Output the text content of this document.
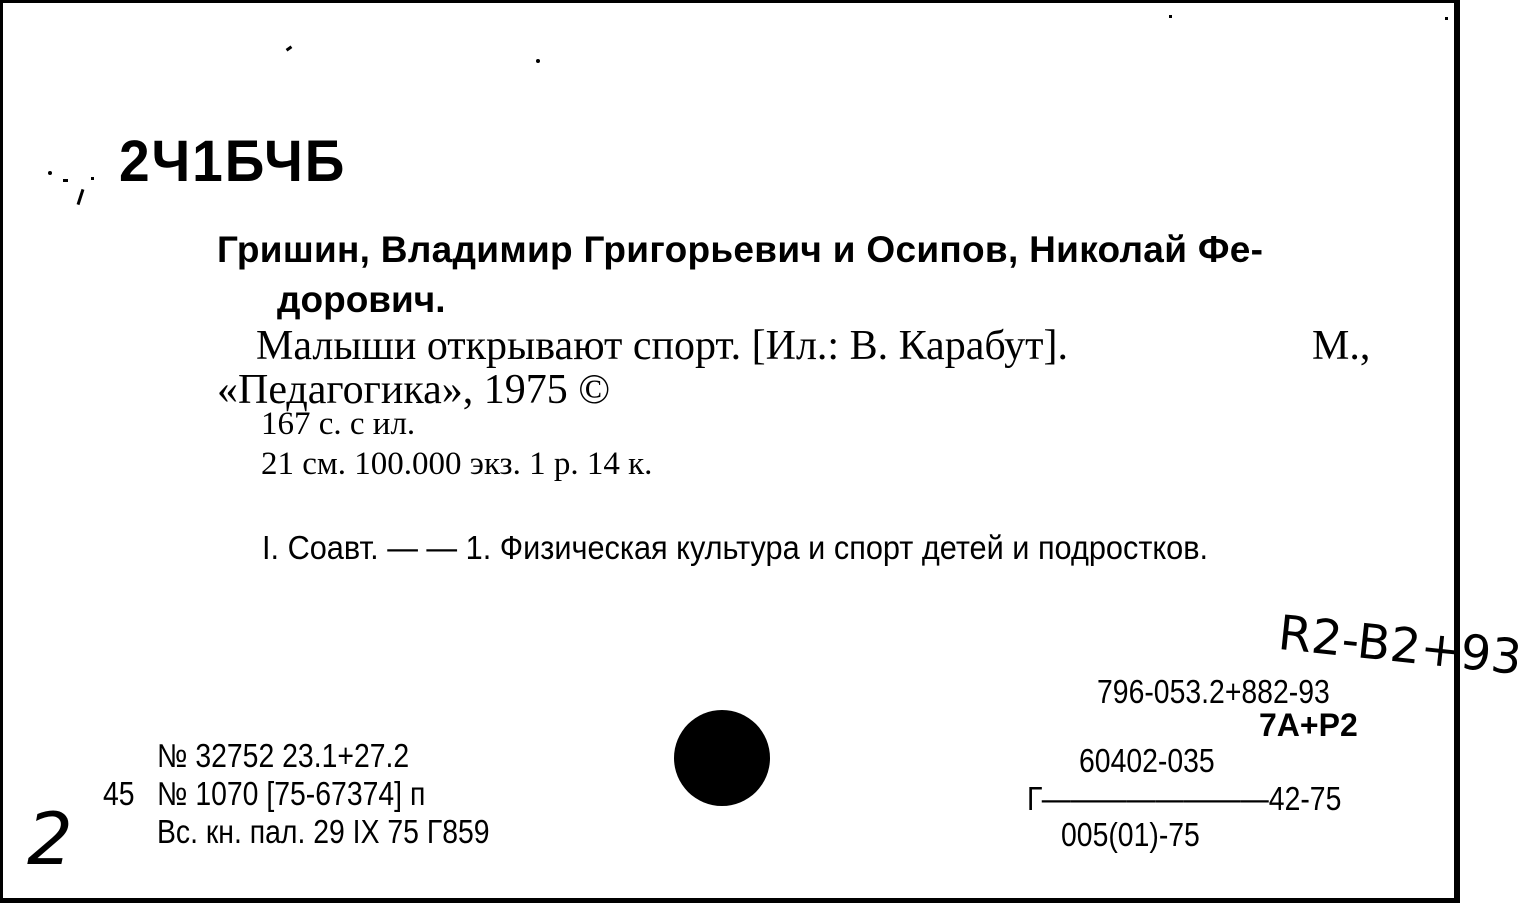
2Ч1БЧБ
Гришин, Владимир Григорьевич и Осипов, Николай Фе-
дорович.
Малыши открывают спорт. [Ил.: В. Карабут].	М.,
«Педагогика», 1975 ©
167 с. с ил.
21 см. 100.000 экз. 1 р. 14 к.
I. Соавт. — — 1. Физическая культура и спорт детей и подростков.
R2-B2+93
796-053.2+882-93
7А+Р2
60402-035
Г————————42-75
005(01)-75
№ 32752 23.1+27.2
45 № 1070 [75-67374] п
Вс. кн. пал. 29 IX 75 Г859
2
